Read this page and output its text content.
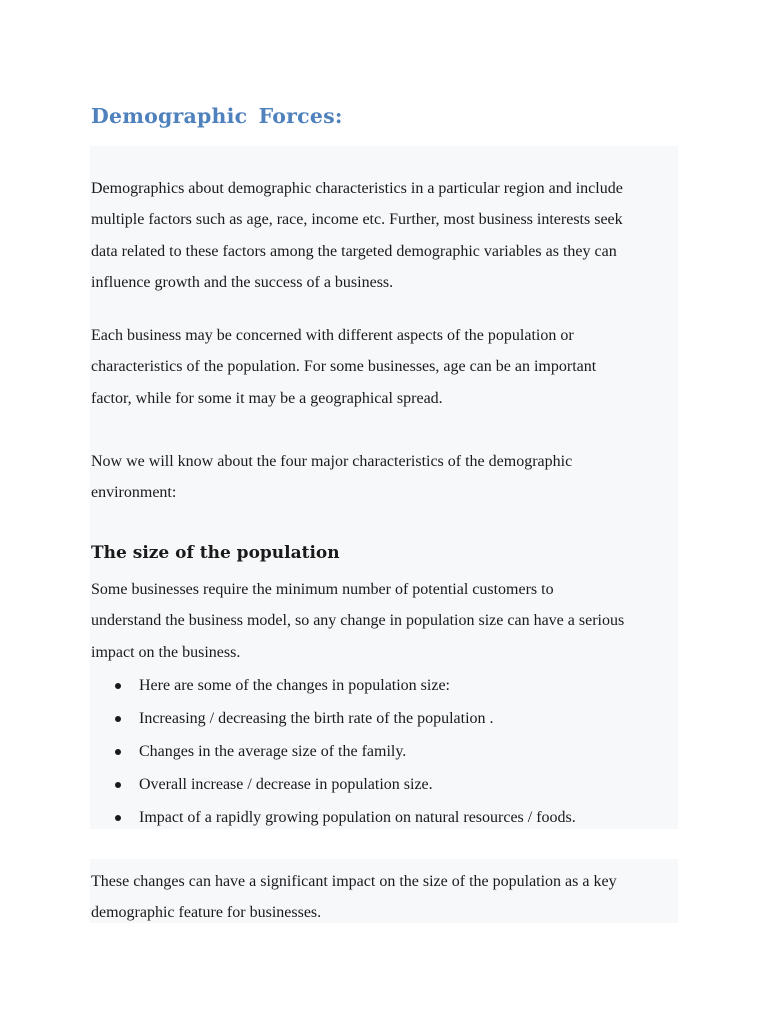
Demographic Forces:

Demographics about demographic characteristics in a particular region and include
multiple factors such as age, race, income etc. Further, most business interests seek
data related to these factors among the targeted demographic variables as they can
influence growth and the success of a business.

Each business may be concerned with different aspects of the population or
characteristics of the population. For some businesses, age can be an important
factor, while for some it may be a geographical spread.

Now we will know about the four major characteristics of the demographic
environment:

The size of the population

Some businesses require the minimum number of potential customers to
understand the business model, so any change in population size can have a serious
impact on the business.

Here are some of the changes in population size:
Increasing / decreasing the birth rate of the population .
Changes in the average size of the family.
Overall increase / decrease in population size.
Impact of a rapidly growing population on natural resources / foods.

These changes can have a significant impact on the size of the population as a key
demographic feature for businesses.
